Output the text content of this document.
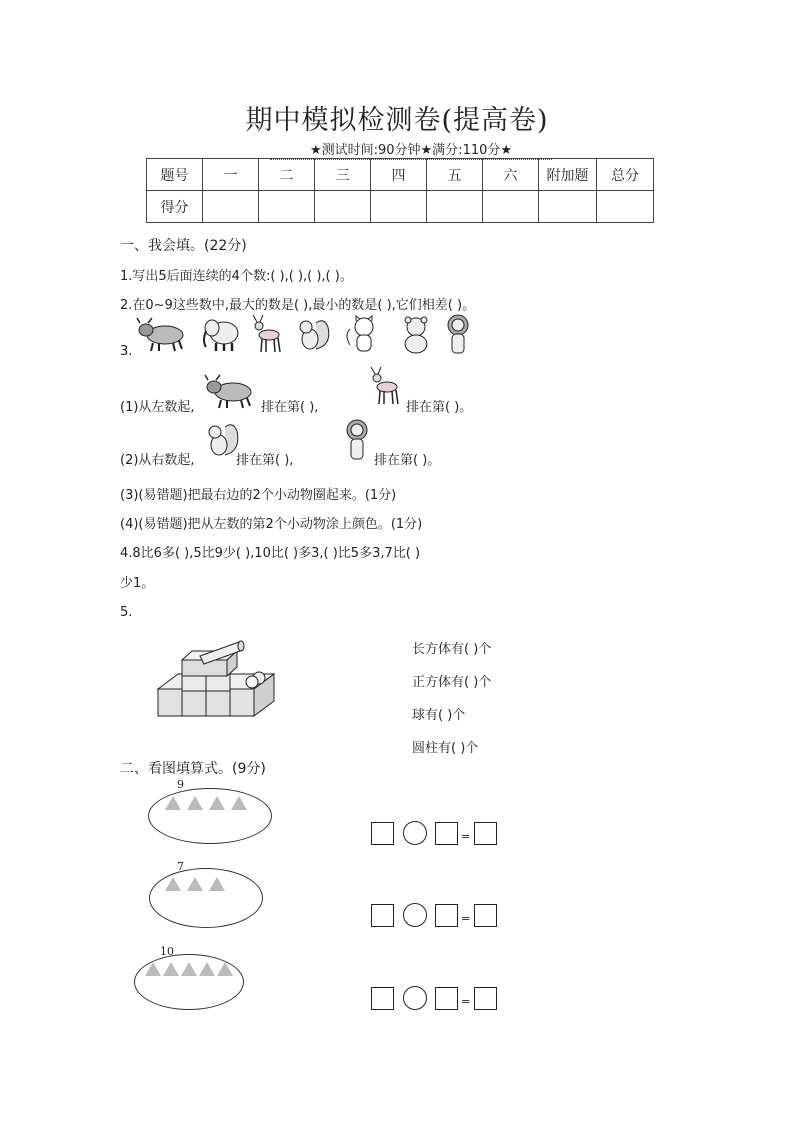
期中模拟检测卷(提高卷)
★测试时间:90分钟★满分:110分★
题号	一	二	三	四	五	六	附加题	总分
得分								
一、我会填。(22分)
1.写出5后面连续的4个数:( ),( ),( ),( )。
2.在0~9这些数中,最大的数是( ),最小的数是( ),它们相差( )。
3.
(1)从左数起,	排在第( ),	排在第( )。
(2)从右数起,	排在第( ),	排在第( )。
(3)(易错题)把最右边的2个小动物圈起来。(1分)
(4)(易错题)把从左数的第2个小动物涂上颜色。(1分)
4.8比6多( ),5比9少( ),10比( )多3,( )比5多3,7比( )
少1。
5.
长方体有( )个
正方体有( )个
球有( )个
圆柱有( )个
二、看图填算式。(9分)
9
=
7
=
10
=
